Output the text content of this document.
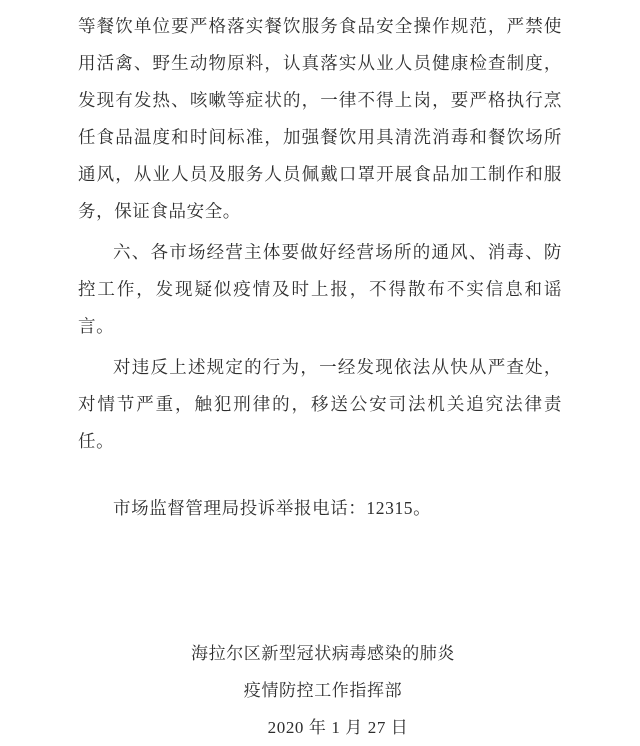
等餐饮单位要严格落实餐饮服务食品安全操作规范，严禁使用活禽、野生动物原料，认真落实从业人员健康检查制度，发现有发热、咳嗽等症状的，一律不得上岗，要严格执行烹任食品温度和时间标准，加强餐饮用具清洗消毒和餐饮场所通风，从业人员及服务人员佩戴口罩开展食品加工制作和服务，保证食品安全。

六、各市场经营主体要做好经营场所的通风、消毒、防控工作，发现疑似疫情及时上报，不得散布不实信息和谣言。

对违反上述规定的行为，一经发现依法从快从严查处，对情节严重，触犯刑律的，移送公安司法机关追究法律责任。

市场监督管理局投诉举报电话：12315。

海拉尔区新型冠状病毒感染的肺炎
疫情防控工作指挥部
2020 年 1 月 27 日
